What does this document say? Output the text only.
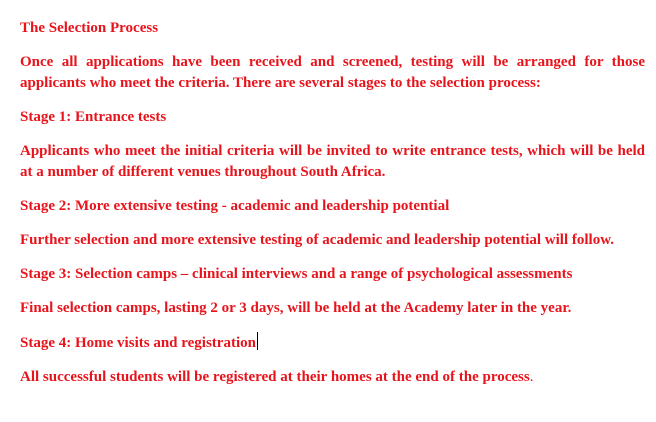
The Selection Process

Once all applications have been received and screened, testing will be arranged for those applicants who meet the criteria. There are several stages to the selection process:

Stage 1: Entrance tests

Applicants who meet the initial criteria will be invited to write entrance tests, which will be held at a number of different venues throughout South Africa.

Stage 2: More extensive testing - academic and leadership potential

Further selection and more extensive testing of academic and leadership potential will follow.

Stage 3: Selection camps – clinical interviews and a range of psychological assessments

Final selection camps, lasting 2 or 3 days, will be held at the Academy later in the year.

Stage 4: Home visits and registration

All successful students will be registered at their homes at the end of the process.
